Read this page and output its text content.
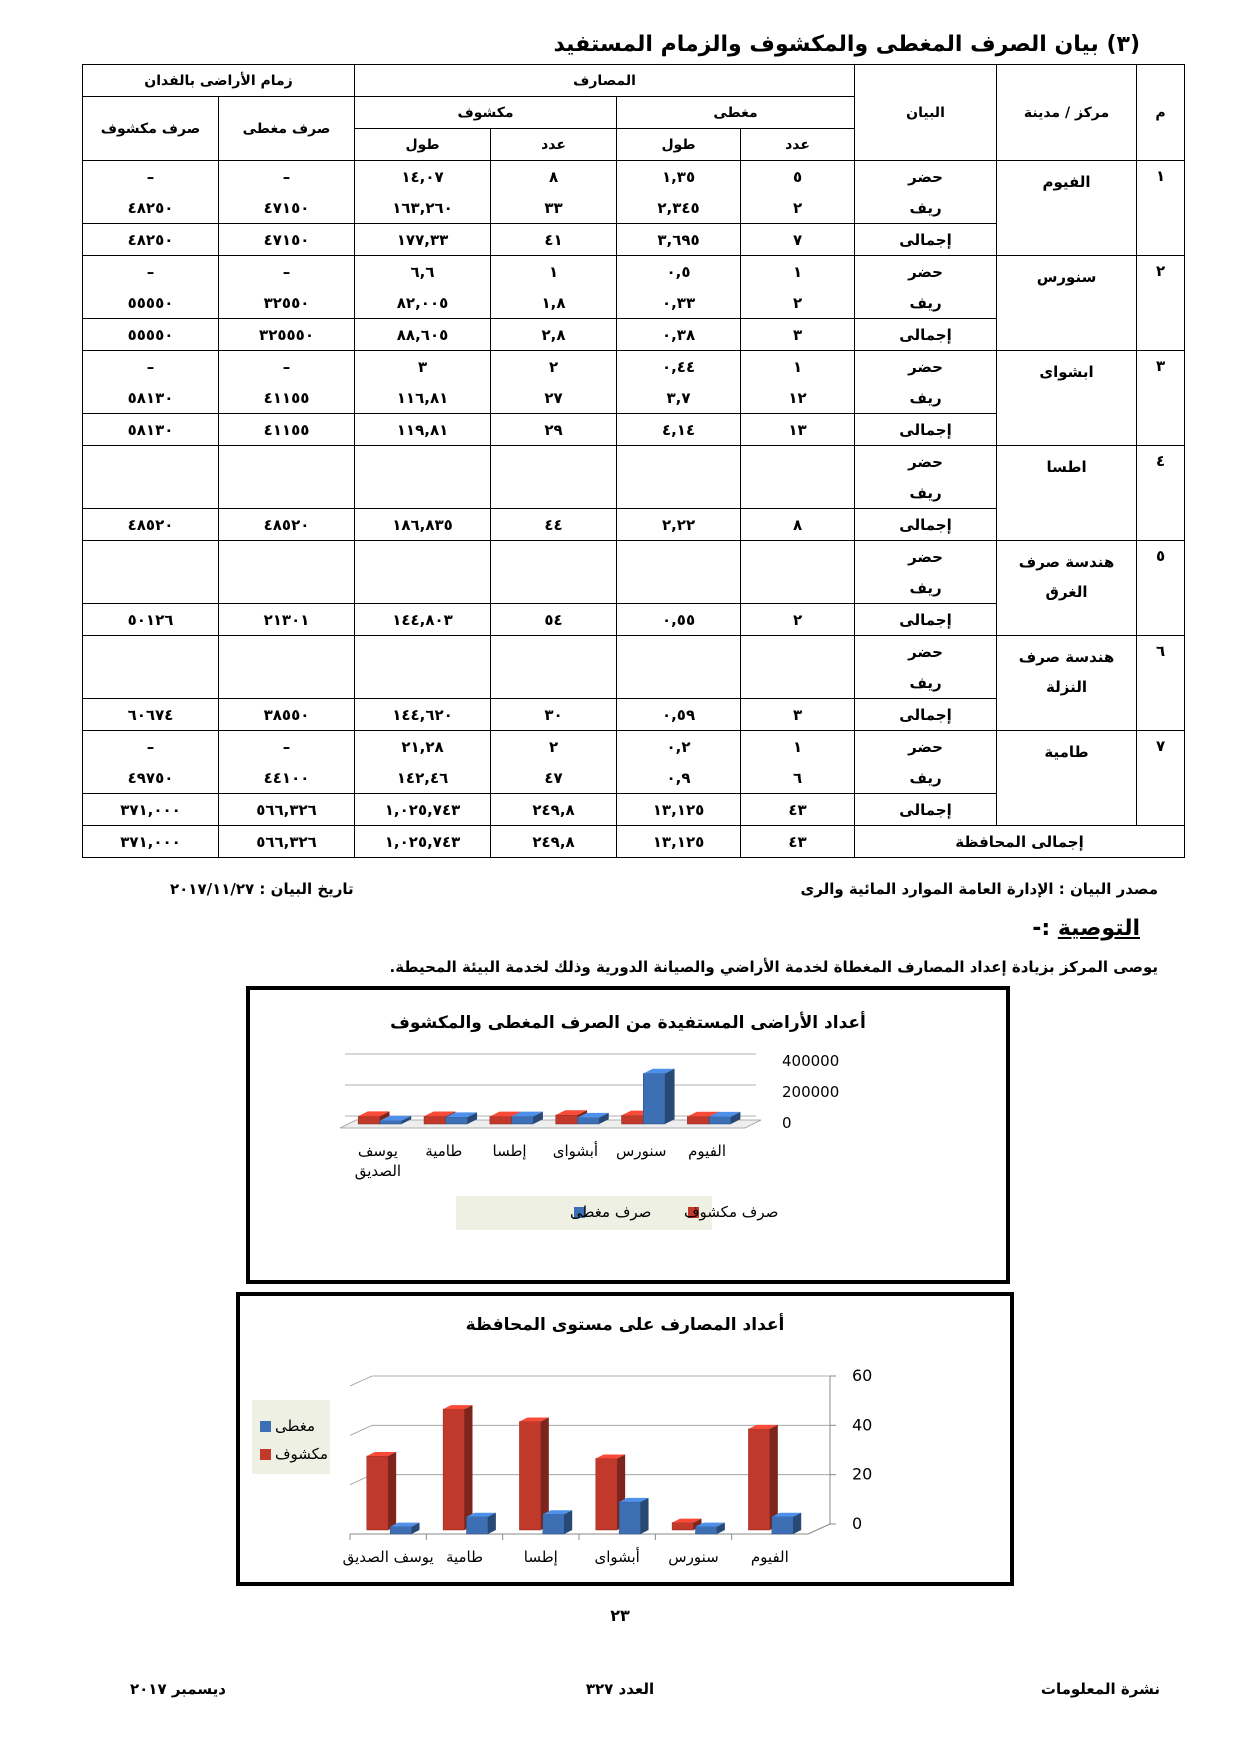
(٣) بيان الصرف المغطى والمكشوف والزمام المستفيد
م	مركز / مدينة	البيان	المصارف				زمام الأراضى بالفدان	
			مغطى		مكشوف		صرف مغطى	صرف مكشوف
			عدد	طول	عدد	طول		
١	الفيوم	حضر	٥	١,٣٥	٨	١٤,٠٧	–	–
		ريف	٢	٢,٣٤٥	٣٣	١٦٣,٢٦٠	٤٧١٥٠	٤٨٢٥٠
		إجمالى	٧	٣,٦٩٥	٤١	١٧٧,٣٣	٤٧١٥٠	٤٨٢٥٠
٢	سنورس	حضر	١	٠,٥	١	٦,٦	–	–
		ريف	٢	٠,٣٣	١,٨	٨٢,٠٠٥	٣٢٥٥٠	٥٥٥٥٠
		إجمالى	٣	٠,٣٨	٢,٨	٨٨,٦٠٥	٣٢٥٥٥٠	٥٥٥٥٠
٣	ابشواى	حضر	١	٠,٤٤	٢	٣	–	–
		ريف	١٢	٣,٧	٢٧	١١٦,٨١	٤١١٥٥	٥٨١٣٠
		إجمالى	١٣	٤,١٤	٢٩	١١٩,٨١	٤١١٥٥	٥٨١٣٠
٤	اطسا	حضر						
		ريف						
		إجمالى	٨	٢,٢٢	٤٤	١٨٦,٨٣٥	٤٨٥٢٠	٤٨٥٢٠
٥	هندسة صرف الغرق	حضر						
		ريف						
		إجمالى	٢	٠,٥٥	٥٤	١٤٤,٨٠٣	٢١٣٠١	٥٠١٢٦
٦	هندسة صرف النزلة	حضر						
		ريف						
		إجمالى	٣	٠,٥٩	٣٠	١٤٤,٦٢٠	٣٨٥٥٠	٦٠٦٧٤
٧	طامية	حضر	١	٠,٢	٢	٢١,٢٨	–	–
		ريف	٦	٠,٩	٤٧	١٤٢,٤٦	٤٤١٠٠	٤٩٧٥٠
		إجمالى	٤٣	١٣,١٢٥	٢٤٩,٨	١,٠٢٥,٧٤٣	٥٦٦,٣٢٦	٣٧١,٠٠٠
إجمالى المحافظة			٤٣	١٣,١٢٥	٢٤٩,٨	١,٠٢٥,٧٤٣	٥٦٦,٣٢٦	٣٧١,٠٠٠
مصدر البيان : الإدارة العامة الموارد المائية والرى
تاريخ البيان : ٢٠١٧/١١/٢٧
التوصية :-
يوصى المركز بزيادة إعداد المصارف المغطاة لخدمة الأراضي والصيانة الدورية وذلك لخدمة البيئة المحيطة.
أعداد الأراضى المستفيدة من الصرف المغطى والمكشوف
0
200000
400000
الفيوم
سنورس
أبشواى
إطسا
طامية
يوسف
الصديق
صرف مكشوف
صرف مغطى
أعداد المصارف على مستوى المحافظة
0
20
40
60
الفيوم
سنورس
أبشواى
إطسا
طامية
يوسف الصديق
مغطى
مكشوف
٢٣
ديسمبر ٢٠١٧	العدد ٣٢٧	نشرة المعلومات
